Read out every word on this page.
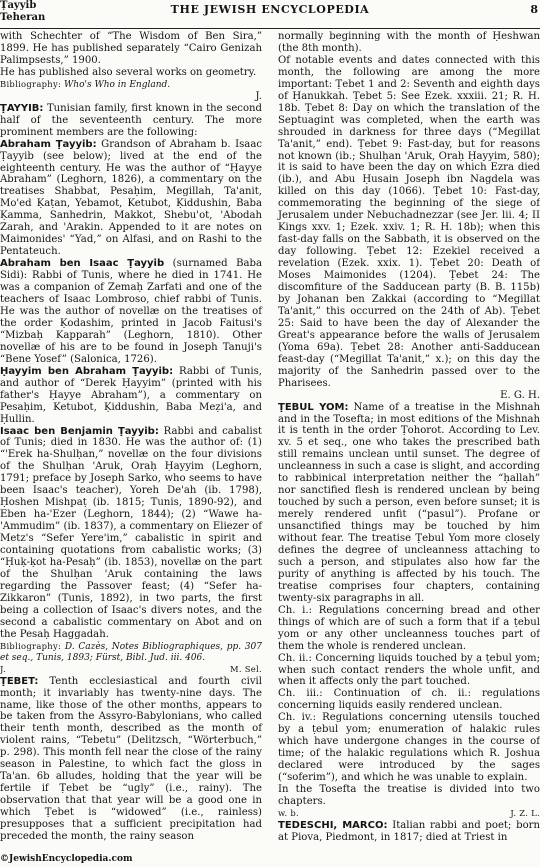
Ṭayyib
Teheran
THE JEWISH ENCYCLOPEDIA	8

with Schechter of “The Wisdom of Ben Sira,” 1899. He has published separately “Cairo Genizah Palimpsests,” 1900.

He has published also several works on geometry.

Bibliography: Who's Who in England.

J.

ṬAYYIB: Tunisian family, first known in the second half of the seventeenth century. The more prominent members are the following:

Abraham Ṭayyib: Grandson of Abraham b. Isaac Ṭayyib (see below); lived at the end of the eighteenth century. He was the author of “Ḥayye Abraham” (Leghorn, 1826), a commentary on the treatises Shabbat, Pesaḥim, Megillah, Ta'anit, Mo'ed Ḳaṭan, Yebamot, Ketubot, Ḳiddushin, Baba Ḳamma, Sanhedrin, Makkot, Shebu'ot, 'Abodah Zarah, and 'Arakin. Appended to it are notes on Maimonides' “Yad,” on Alfasi, and on Rashi to the Pentateuch.

Abraham ben Isaac Ṭayyib (surnamed Baba Sidi): Rabbi of Tunis, where he died in 1741. He was a companion of Zemaḥ Zarfati and one of the teachers of Isaac Lombroso, chief rabbi of Tunis. He was the author of novellæ on the treatises of the order Ḳodashim, printed in Jacob Faitusi's “Mizbaḥ Kapparah” (Leghorn, 1810). Other novellæ of his are to be found in Joseph Tanuji's “Bene Yosef” (Salonica, 1726).

Ḥayyim ben Abraham Ṭayyib: Rabbi of Tunis, and author of “Derek Ḥayyim” (printed with his father's Ḥayye Abraham”), a commentary on Pesaḥim, Ketubot, Ḳiddushin, Baba Meẓi'a, and Ḥullin.

Isaac ben Benjamin Ṭayyib: Rabbi and cabalist of Tunis; died in 1830. He was the author of: (1) “'Erek ha-Shulḥan,” novellæ on the four divisions of the Shulḥan 'Aruk, Oraḥ Ḥayyim (Leghorn, 1791; preface by Joseph Sarko, who seems to have been Isaac's teacher), Yoreh De'ah (ib. 1798), Ḥoshen Mishpaṭ (ib. 1815; Tunis, 1890-92), and Eben ha-'Ezer (Leghorn, 1844); (2) “Wawe ha-'Ammudim” (ib. 1837), a commentary on Eliezer of Metz's “Sefer Yere'im,” cabalistic in spirit and containing quotations from cabalistic works; (3) “Ḥuḳ-ḳot ha-Pesaḥ” (ib. 1853), novellæ on the part of the Shulḥan 'Aruk containing the laws regarding the Passover feast; (4) “Sefer ha-Zikkaron” (Tunis, 1892), in two parts, the first being a collection of Isaac's divers notes, and the second a cabalistic commentary on Abot and on the Pesaḥ Haggadah.

Bibliography: D. Cazès, Notes Bibliographiques, pp. 307 et seq., Tunis, 1893; Fürst, Bibl. Jud. iii. 406.

J.	M. Sel.

ṬEBET: Tenth ecclesiastical and fourth civil month; it invariably has twenty-nine days. The name, like those of the other months, appears to be taken from the Assyro-Babylonians, who called their tenth month, described as the month of violent rains, “Tebetu” (Delitzsch, “Wörterbuch,” p. 298). This month fell near the close of the rainy season in Palestine, to which fact the gloss in Ta'an. 6b alludes, holding that the year will be fertile if Ṭebet be “ugly” (i.e., rainy). The observation that that year will be a good one in which Ṭebet is “widowed” (i.e., rainless) presupposes that a sufficient precipitation had preceded the month, the rainy season

normally beginning with the month of Ḥeshwan (the 8th month).

Of notable events and dates connected with this month, the following are among the more important: Ṭebet 1 and 2: Seventh and eighth days of Ḥanukkah. Ṭebet 5: See Ezek. xxxiii. 21; R. H. 18b. Ṭebet 8: Day on which the translation of the Septuagint was completed, when the earth was shrouded in darkness for three days (“Megillat Ta'anit,” end). Ṭebet 9: Fast-day, but for reasons not known (ib.; Shulḥan 'Aruk, Oraḥ Ḥayyim, 580); it is said to have been the day on which Ezra died (ib.), and Abu Ḥusain Joseph ibn Nagdela was killed on this day (1066). Ṭebet 10: Fast-day, commemorating the beginning of the siege of Jerusalem under Nebuchadnezzar (see Jer. lii. 4; II Kings xxv. 1; Ezek. xxiv. 1; R. H. 18b); when this fast-day falls on the Sabbath, it is observed on the day following. Ṭebet 12: Ezekiel received a revelation (Ezek. xxix. 1). Ṭebet 20: Death of Moses Maimonides (1204). Ṭebet 24: The discomfiture of the Sadducean party (B. B. 115b) by Johanan ben Zakkai (according to “Megillat Ta'anit,” this occurred on the 24th of Ab). Ṭebet 25: Said to have been the day of Alexander the Great's appearance before the walls of Jerusalem (Yoma 69a). Ṭebet 28: Another anti-Sadducean feast-day (“Megillat Ta'anit,” x.); on this day the majority of the Sanhedrin passed over to the Pharisees.

E. G. H.

ṬEBUL YOM: Name of a treatise in the Mishnah and in the Tosefta; in most editions of the Mishnah it is tenth in the order Ṭohorot. According to Lev. xv. 5 et seq., one who takes the prescribed bath still remains unclean until sunset. The degree of uncleanness in such a case is slight, and according to rabbinical interpretation neither the “ḥallah” nor sanctified flesh is rendered unclean by being touched by such a person, even before sunset; it is merely rendered unfit (“pasul”). Profane or unsanctified things may be touched by him without fear. The treatise Ṭebul Yom more closely defines the degree of uncleanness attaching to such a person, and stipulates also how far the purity of anything is affected by his touch. The treatise comprises four chapters, containing twenty-six paragraphs in all.

Ch. i.: Regulations concerning bread and other things of which are of such a form that if a ṭebul yom or any other uncleanness touches part of them the whole is rendered unclean.

Ch. ii.: Concerning liquids touched by a ṭebul yom; when such contact renders the whole unfit, and when it affects only the part touched.

Ch. iii.: Continuation of ch. ii.: regulations concerning liquids easily rendered unclean.

Ch. iv.: Regulations concerning utensils touched by a ṭebul yom; enumeration of halakic rules which have undergone changes in the course of time; of the halakic regulations which R. Joshua declared were introduced by the sages (“soferim”), and which he was unable to explain.

In the Tosefta the treatise is divided into two chapters.

w. b.	J. Z. L.

TEDESCHI, MARCO: Italian rabbi and poet; born at Piova, Piedmont, in 1817; died at Triest in

©JewishEncyclopedia.com
